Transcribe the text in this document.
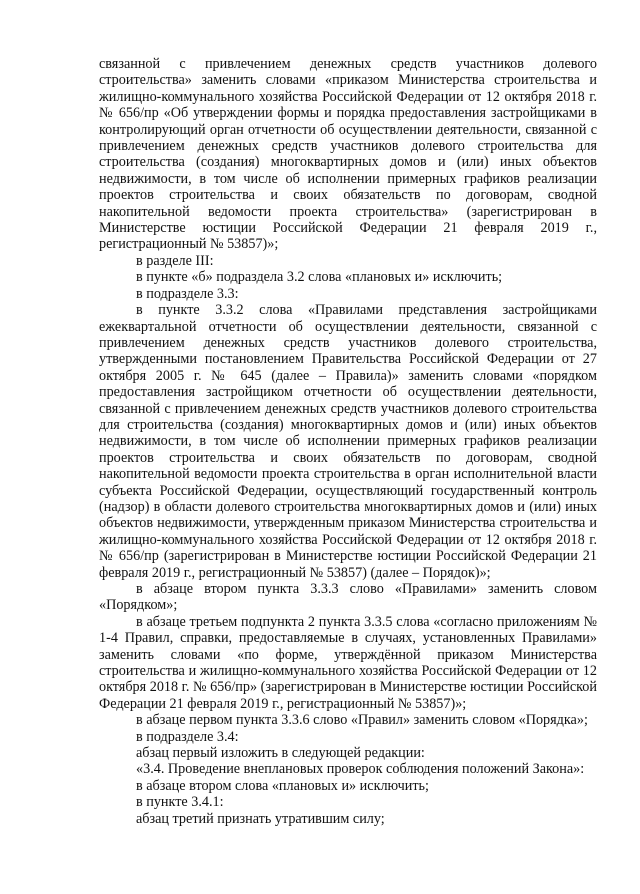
связанной с привлечением денежных средств участников долевого строительства» заменить словами «приказом Министерства строительства и жилищно-коммунального хозяйства Российской Федерации от 12 октября 2018 г. № 656/пр «Об утверждении формы и порядка предоставления застройщиками в контролирующий орган отчетности об осуществлении деятельности, связанной с привлечением денежных средств участников долевого строительства для строительства (создания) многоквартирных домов и (или) иных объектов недвижимости, в том числе об исполнении примерных графиков реализации проектов строительства и своих обязательств по договорам, сводной накопительной ведомости проекта строительства» (зарегистрирован в Министерстве юстиции Российской Федерации 21 февраля 2019 г., регистрационный № 53857)»;

в разделе III:

в пункте «б» подраздела 3.2 слова «плановых и» исключить;

в подразделе 3.3:

в пункте 3.3.2 слова «Правилами представления застройщиками ежеквартальной отчетности об осуществлении деятельности, связанной с привлечением денежных средств участников долевого строительства, утвержденными постановлением Правительства Российской Федерации от 27 октября 2005 г. № 645 (далее – Правила)» заменить словами «порядком предоставления застройщиком отчетности об осуществлении деятельности, связанной с привлечением денежных средств участников долевого строительства для строительства (создания) многоквартирных домов и (или) иных объектов недвижимости, в том числе об исполнении примерных графиков реализации проектов строительства и своих обязательств по договорам, сводной накопительной ведомости проекта строительства в орган исполнительной власти субъекта Российской Федерации, осуществляющий государственный контроль (надзор) в области долевого строительства многоквартирных домов и (или) иных объектов недвижимости, утвержденным приказом Министерства строительства и жилищно-коммунального хозяйства Российской Федерации от 12 октября 2018 г. № 656/пр (зарегистрирован в Министерстве юстиции Российской Федерации 21 февраля 2019 г., регистрационный № 53857) (далее – Порядок)»;

в абзаце втором пункта 3.3.3 слово «Правилами» заменить словом «Порядком»;

в абзаце третьем подпункта 2 пункта 3.3.5 слова «согласно приложениям № 1-4 Правил, справки, предоставляемые в случаях, установленных Правилами» заменить словами «по форме, утверждённой приказом Министерства строительства и жилищно-коммунального хозяйства Российской Федерации от 12 октября 2018 г. № 656/пр» (зарегистрирован в Министерстве юстиции Российской Федерации 21 февраля 2019 г., регистрационный № 53857)»;

в абзаце первом пункта 3.3.6 слово «Правил» заменить словом «Порядка»;

в подразделе 3.4:

абзац первый изложить в следующей редакции:

«3.4. Проведение внеплановых проверок соблюдения положений Закона»:

в абзаце втором слова «плановых и» исключить;

в пункте 3.4.1:

абзац третий признать утратившим силу;
